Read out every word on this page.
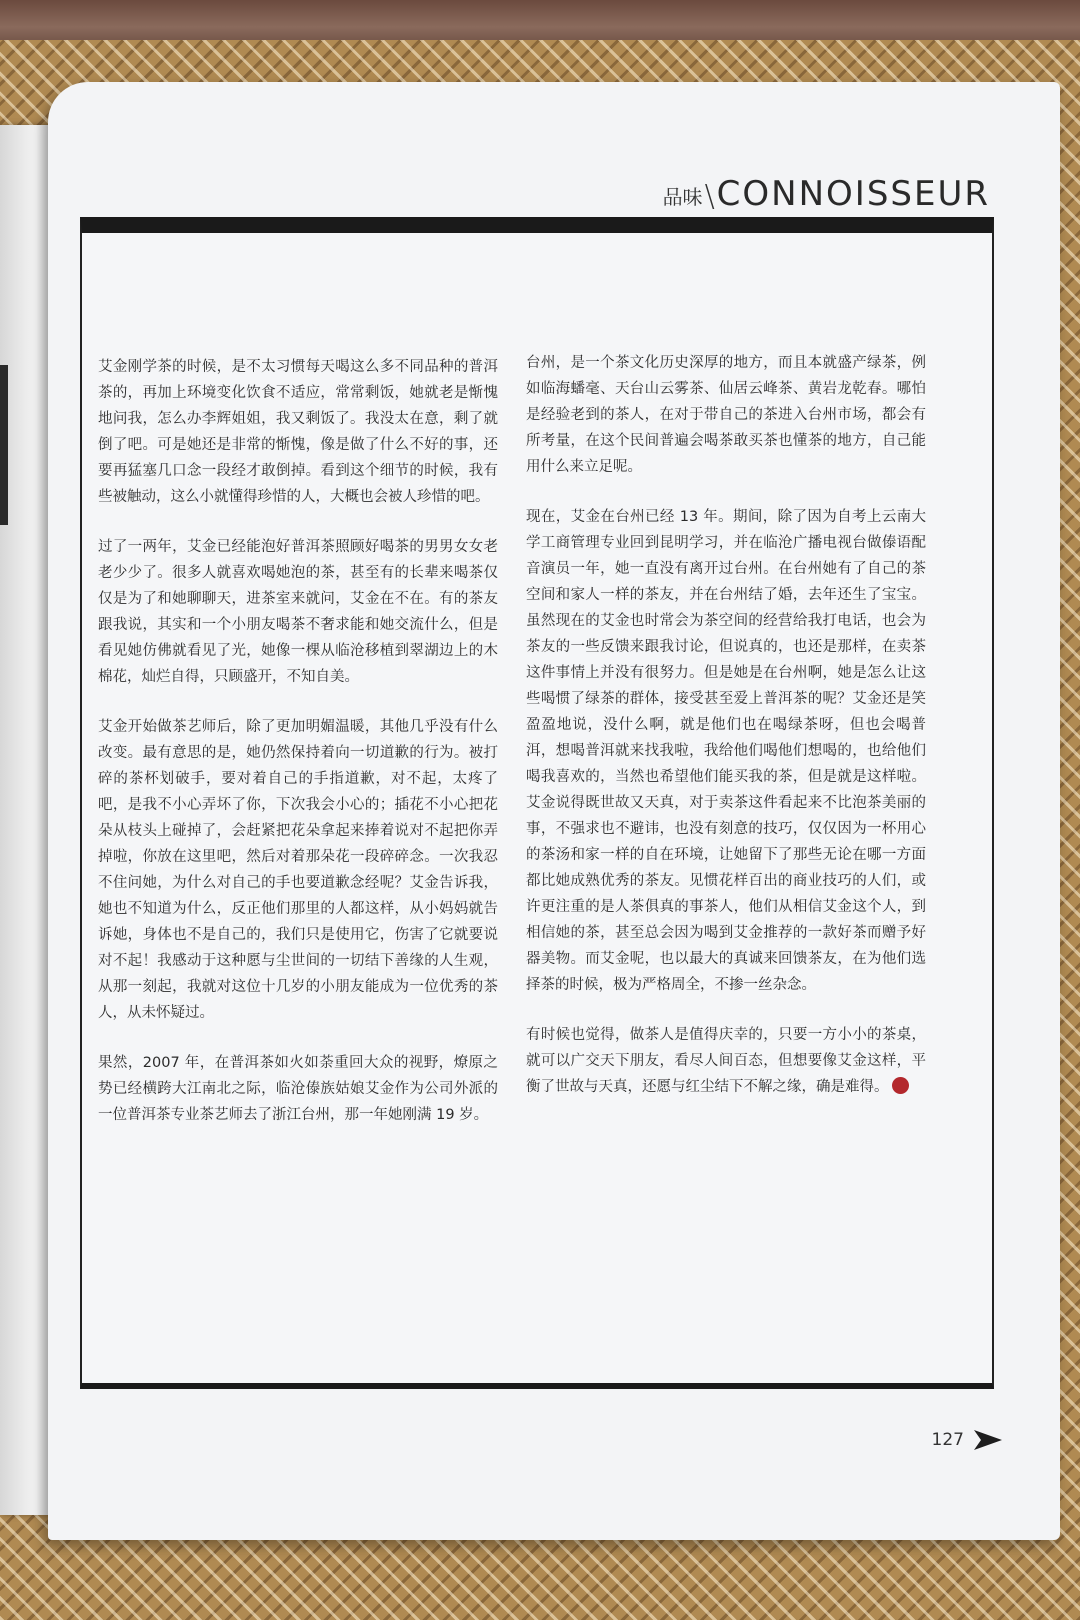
品味 \ CONNOISSEUR

艾金刚学茶的时候，是不太习惯每天喝这么多不同品种的普洱茶的，再加上环境变化饮食不适应，常常剩饭，她就老是惭愧地问我，怎么办李辉姐姐，我又剩饭了。我没太在意，剩了就倒了吧。可是她还是非常的惭愧，像是做了什么不好的事，还要再猛塞几口念一段经才敢倒掉。看到这个细节的时候，我有些被触动，这么小就懂得珍惜的人，大概也会被人珍惜的吧。

过了一两年，艾金已经能泡好普洱茶照顾好喝茶的男男女女老老少少了。很多人就喜欢喝她泡的茶，甚至有的长辈来喝茶仅仅是为了和她聊聊天，进茶室来就问，艾金在不在。有的茶友跟我说，其实和一个小朋友喝茶不奢求能和她交流什么，但是看见她仿佛就看见了光，她像一棵从临沧移植到翠湖边上的木棉花，灿烂自得，只顾盛开，不知自美。

艾金开始做茶艺师后，除了更加明媚温暖，其他几乎没有什么改变。最有意思的是，她仍然保持着向一切道歉的行为。被打碎的茶杯划破手，要对着自己的手指道歉，对不起，太疼了吧，是我不小心弄坏了你，下次我会小心的；插花不小心把花朵从枝头上碰掉了，会赶紧把花朵拿起来捧着说对不起把你弄掉啦，你放在这里吧，然后对着那朵花一段碎碎念。一次我忍不住问她，为什么对自己的手也要道歉念经呢？艾金告诉我，她也不知道为什么，反正他们那里的人都这样，从小妈妈就告诉她，身体也不是自己的，我们只是使用它，伤害了它就要说对不起！我感动于这种愿与尘世间的一切结下善缘的人生观，从那一刻起，我就对这位十几岁的小朋友能成为一位优秀的茶人，从未怀疑过。

果然，2007 年，在普洱茶如火如荼重回大众的视野，燎原之势已经横跨大江南北之际，临沧傣族姑娘艾金作为公司外派的一位普洱茶专业茶艺师去了浙江台州，那一年她刚满 19 岁。

台州，是一个茶文化历史深厚的地方，而且本就盛产绿茶，例如临海蟠毫、天台山云雾茶、仙居云峰茶、黄岩龙乾春。哪怕是经验老到的茶人，在对于带自己的茶进入台州市场，都会有所考量，在这个民间普遍会喝茶敢买茶也懂茶的地方，自己能用什么来立足呢。

现在，艾金在台州已经 13 年。期间，除了因为自考上云南大学工商管理专业回到昆明学习，并在临沧广播电视台做傣语配音演员一年，她一直没有离开过台州。在台州她有了自己的茶空间和家人一样的茶友，并在台州结了婚，去年还生了宝宝。虽然现在的艾金也时常会为茶空间的经营给我打电话，也会为茶友的一些反馈来跟我讨论，但说真的，也还是那样，在卖茶这件事情上并没有很努力。但是她是在台州啊，她是怎么让这些喝惯了绿茶的群体，接受甚至爱上普洱茶的呢？艾金还是笑盈盈地说，没什么啊，就是他们也在喝绿茶呀，但也会喝普洱，想喝普洱就来找我啦，我给他们喝他们想喝的，也给他们喝我喜欢的，当然也希望他们能买我的茶，但是就是这样啦。艾金说得既世故又天真，对于卖茶这件看起来不比泡茶美丽的事，不强求也不避讳，也没有刻意的技巧，仅仅因为一杯用心的茶汤和家一样的自在环境，让她留下了那些无论在哪一方面都比她成熟优秀的茶友。见惯花样百出的商业技巧的人们，或许更注重的是人茶俱真的事茶人，他们从相信艾金这个人，到相信她的茶，甚至总会因为喝到艾金推荐的一款好茶而赠予好器美物。而艾金呢，也以最大的真诚来回馈茶友，在为他们选择茶的时候，极为严格周全，不掺一丝杂念。

有时候也觉得，做茶人是值得庆幸的，只要一方小小的茶桌，就可以广交天下朋友，看尽人间百态，但想要像艾金这样，平衡了世故与天真，还愿与红尘结下不解之缘，确是难得。

127
